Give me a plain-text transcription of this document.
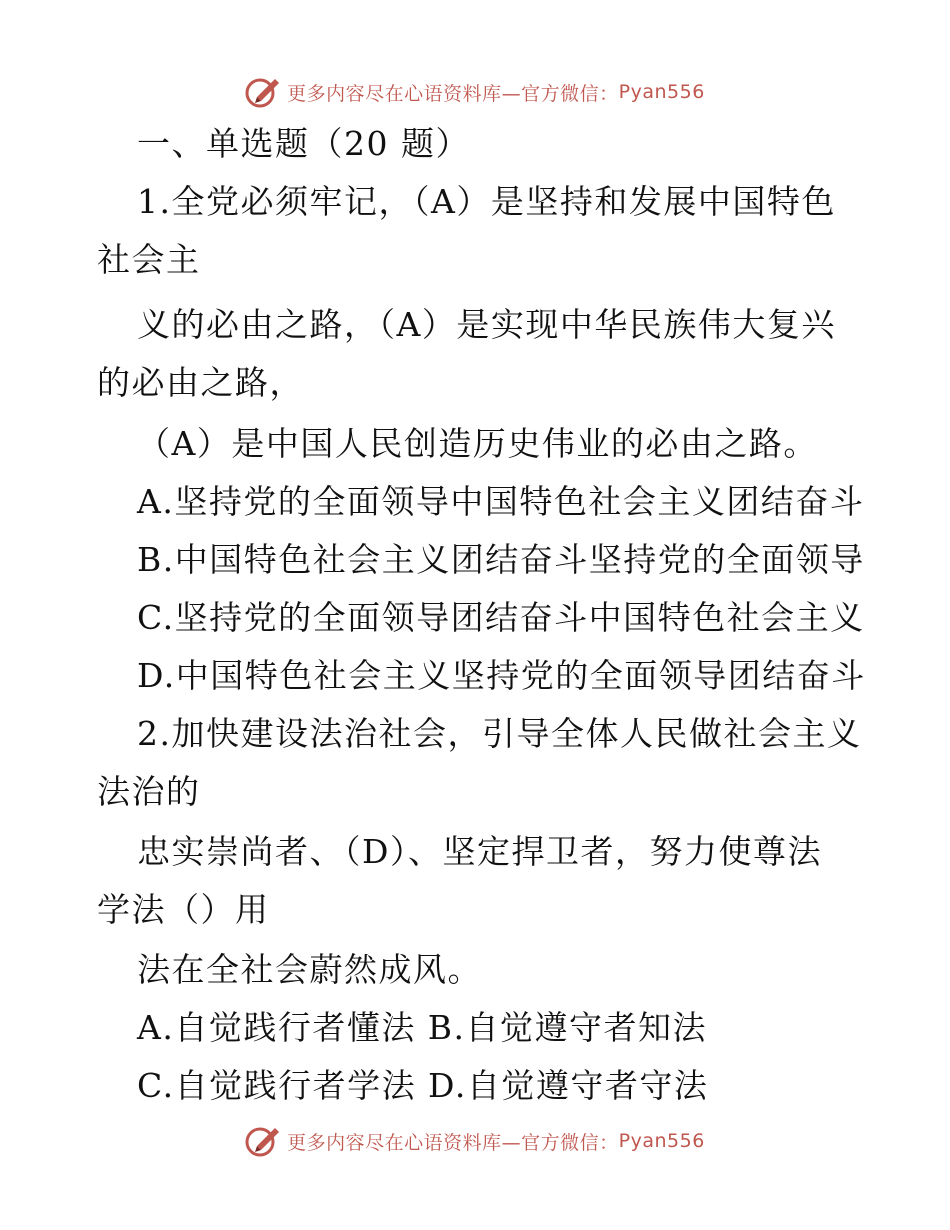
更多内容尽在心语资料库—官方微信： Pyan556
一、单选题（20 题）
1.全党必须牢记，（A）是坚持和发展中国特色
社会主
义的必由之路，（A）是实现中华民族伟大复兴
的必由之路，
（A）是中国人民创造历史伟业的必由之路。
A.坚持党的全面领导中国特色社会主义团结奋斗
B.中国特色社会主义团结奋斗坚持党的全面领导
C.坚持党的全面领导团结奋斗中国特色社会主义
D.中国特色社会主义坚持党的全面领导团结奋斗
2.加快建设法治社会，引导全体人民做社会主义
法治的
忠实崇尚者、（D）、坚定捍卫者，努力使尊法
学法（）用
法在全社会蔚然成风。
A.自觉践行者懂法 B.自觉遵守者知法
C.自觉践行者学法 D.自觉遵守者守法
更多内容尽在心语资料库—官方微信： Pyan556
